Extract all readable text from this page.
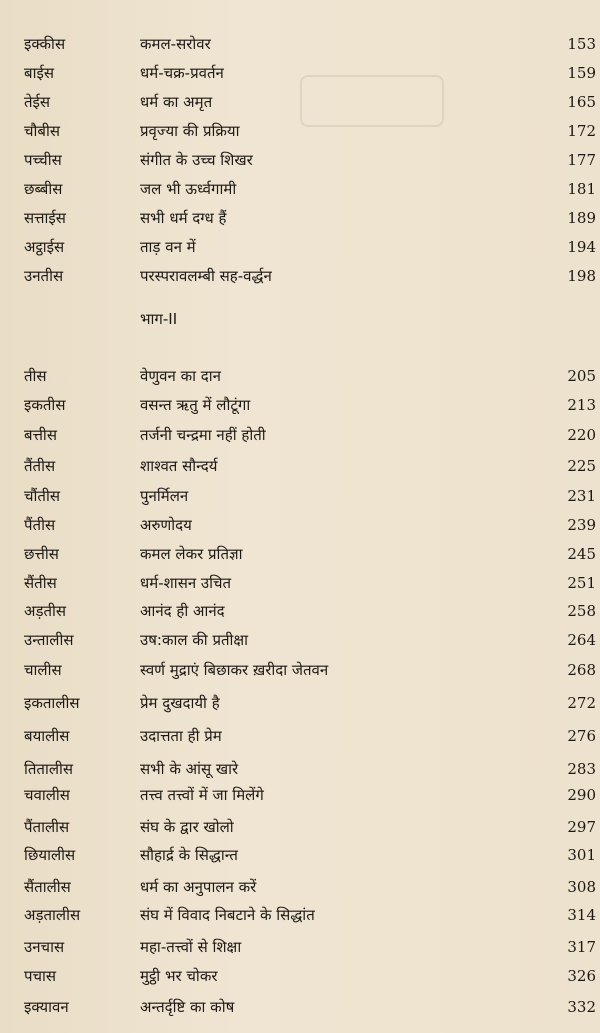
इक्कीस	कमल-सरोवर	153
बाईस	धर्म-चक्र-प्रवर्तन	159
तेईस	धर्म का अमृत	165
चौबीस	प्रवृज्या की प्रक्रिया	172
पच्चीस	संगीत के उच्च शिखर	177
छब्बीस	जल भी ऊर्ध्वगामी	181
सत्ताईस	सभी धर्म दग्ध हैं	189
अट्ठाईस	ताड़ वन में	194
उनतीस	परस्परावलम्बी सह-वर्द्धन	198
भाग-II
तीस	वेणुवन का दान	205
इकतीस	वसन्त ऋतु में लौटूंगा	213
बत्तीस	तर्जनी चन्द्रमा नहीं होती	220
तैंतीस	शाश्वत सौन्दर्य	225
चौंतीस	पुनर्मिलन	231
पैंतीस	अरुणोदय	239
छत्तीस	कमल लेकर प्रतिज्ञा	245
सैंतीस	धर्म-शासन उचित	251
अड़तीस	आनंद ही आनंद	258
उन्तालीस	उष:काल की प्रतीक्षा	264
चालीस	स्वर्ण मुद्राएं बिछाकर ख़रीदा जेतवन	268
इकतालीस	प्रेम दुखदायी है	272
बयालीस	उदात्तता ही प्रेम	276
तितालीस	सभी के आंसू खारे	283
चवालीस	तत्त्व तत्त्वों में जा मिलेंगे	290
पैंतालीस	संघ के द्वार खोलो	297
छियालीस	सौहार्द्र के सिद्धान्त	301
सैंतालीस	धर्म का अनुपालन करें	308
अड़तालीस	संघ में विवाद निबटाने के सिद्धांत	314
उनचास	महा-तत्त्वों से शिक्षा	317
पचास	मुट्ठी भर चोकर	326
इक्यावन	अन्तर्दृष्टि का कोष	332
